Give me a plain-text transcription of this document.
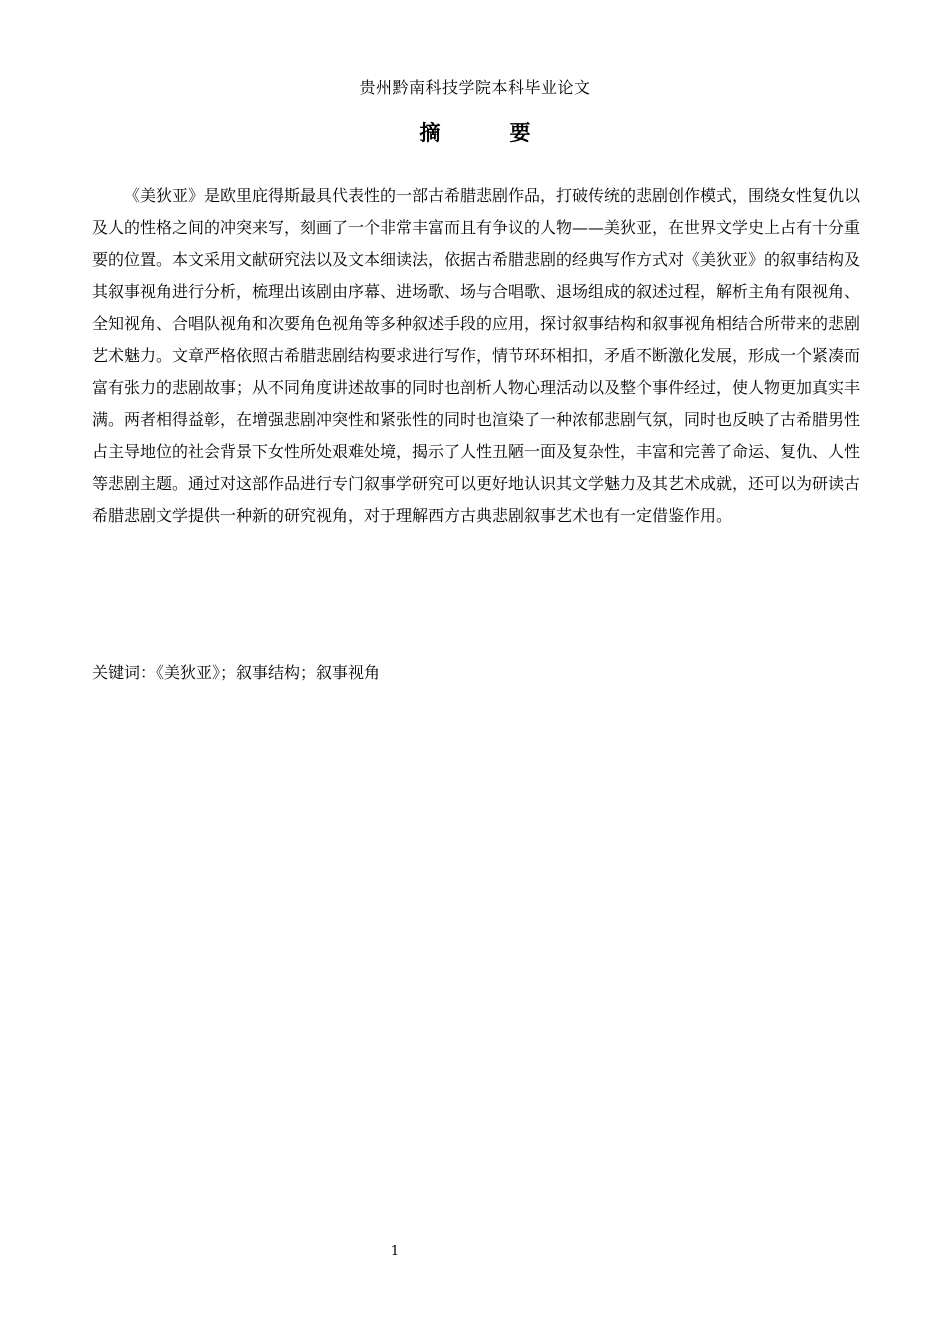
贵州黔南科技学院本科毕业论文
摘　要

《美狄亚》是欧里庇得斯最具代表性的一部古希腊悲剧作品，打破传统的悲剧创作模式，围绕女性复仇以及人的性格之间的冲突来写，刻画了一个非常丰富而且有争议的人物——美狄亚，在世界文学史上占有十分重要的位置。本文采用文献研究法以及文本细读法，依据古希腊悲剧的经典写作方式对《美狄亚》的叙事结构及其叙事视角进行分析，梳理出该剧由序幕、进场歌、场与合唱歌、退场组成的叙述过程，解析主角有限视角、全知视角、合唱队视角和次要角色视角等多种叙述手段的应用，探讨叙事结构和叙事视角相结合所带来的悲剧艺术魅力。文章严格依照古希腊悲剧结构要求进行写作，情节环环相扣，矛盾不断激化发展，形成一个紧凑而富有张力的悲剧故事；从不同角度讲述故事的同时也剖析人物心理活动以及整个事件经过，使人物更加真实丰满。两者相得益彰，在增强悲剧冲突性和紧张性的同时也渲染了一种浓郁悲剧气氛，同时也反映了古希腊男性占主导地位的社会背景下女性所处艰难处境，揭示了人性丑陋一面及复杂性，丰富和完善了命运、复仇、人性等悲剧主题。通过对这部作品进行专门叙事学研究可以更好地认识其文学魅力及其艺术成就，还可以为研读古希腊悲剧文学提供一种新的研究视角，对于理解西方古典悲剧叙事艺术也有一定借鉴作用。

关键词：《美狄亚》；叙事结构；叙事视角
1
